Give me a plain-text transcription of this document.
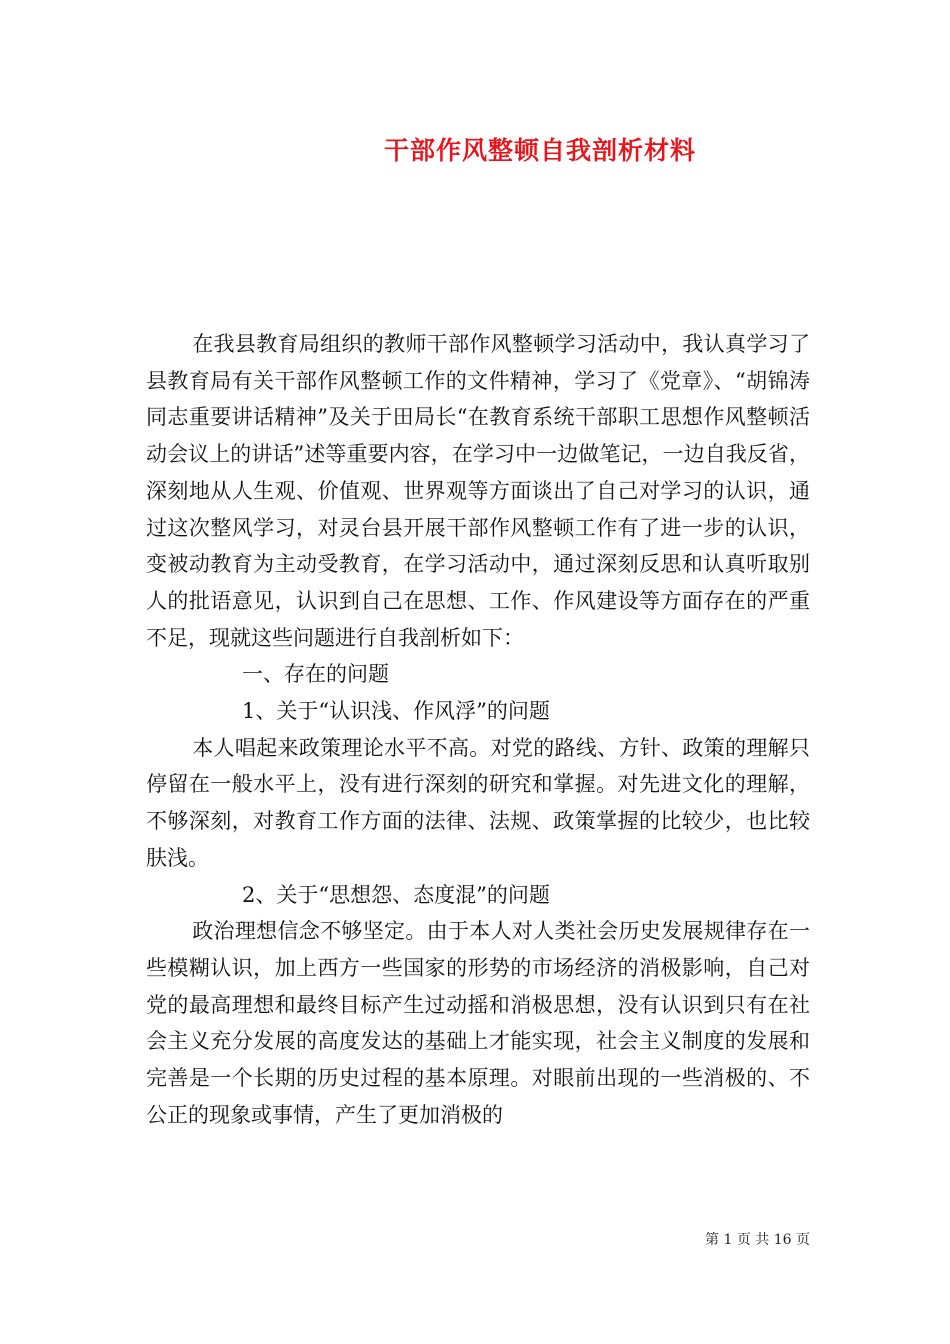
干部作风整顿自我剖析材料

在我县教育局组织的教师干部作风整顿学习活动中，我认真学习了县教育局有关干部作风整顿工作的文件精神，学习了《党章》、“胡锦涛同志重要讲话精神”及关于田局长“在教育系统干部职工思想作风整顿活动会议上的讲话”述等重要内容，在学习中一边做笔记，一边自我反省，深刻地从人生观、价值观、世界观等方面谈出了自己对学习的认识，通过这次整风学习，对灵台县开展干部作风整顿工作有了进一步的认识，变被动教育为主动受教育，在学习活动中，通过深刻反思和认真听取别人的批语意见，认识到自己在思想、工作、作风建设等方面存在的严重不足，现就这些问题进行自我剖析如下：

一、存在的问题

1、关于“认识浅、作风浮”的问题

本人唱起来政策理论水平不高。对党的路线、方针、政策的理解只停留在一般水平上，没有进行深刻的研究和掌握。对先进文化的理解，不够深刻，对教育工作方面的法律、法规、政策掌握的比较少，也比较肤浅。

2、关于“思想怨、态度混”的问题

政治理想信念不够坚定。由于本人对人类社会历史发展规律存在一些模糊认识，加上西方一些国家的形势的市场经济的消极影响，自己对党的最高理想和最终目标产生过动摇和消极思想，没有认识到只有在社会主义充分发展的高度发达的基础上才能实现，社会主义制度的发展和完善是一个长期的历史过程的基本原理。对眼前出现的一些消极的、不公正的现象或事情，产生了更加消极的

第 1 页 共 16 页
